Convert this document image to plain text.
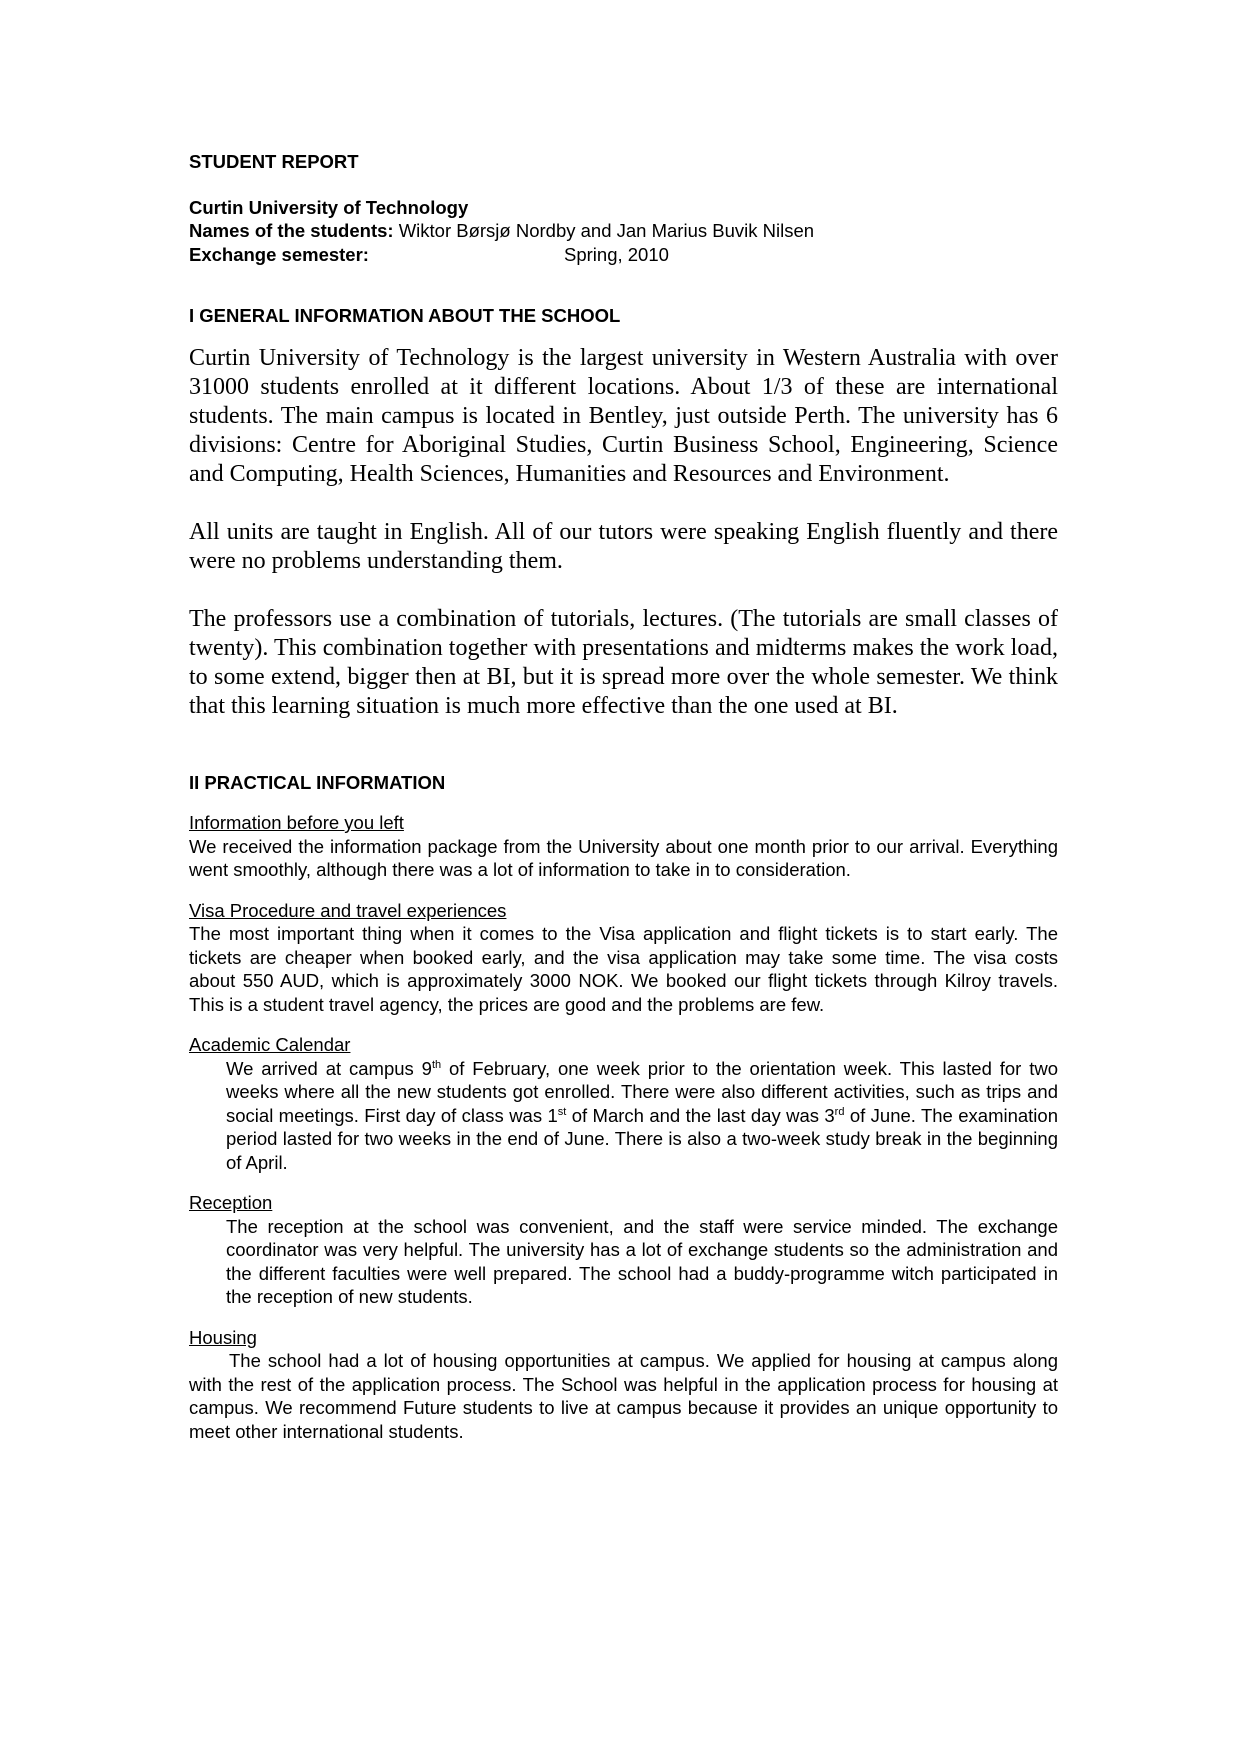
STUDENT REPORT
Curtin University of Technology
Names of the students: Wiktor Børsjø Nordby and Jan Marius Buvik Nilsen
Exchange semester:	Spring, 2010
I GENERAL INFORMATION ABOUT THE SCHOOL

Curtin University of Technology is the largest university in Western Australia with over 31000 students enrolled at it different locations. About 1/3 of these are international students. The main campus is located in Bentley, just outside Perth. The university has 6 divisions: Centre for Aboriginal Studies, Curtin Business School, Engineering, Science and Computing, Health Sciences, Humanities and Resources and Environment.

All units are taught in English. All of our tutors were speaking English fluently and there were no problems understanding them.

The professors use a combination of tutorials, lectures. (The tutorials are small classes of twenty). This combination together with presentations and midterms makes the work load, to some extend, bigger then at BI, but it is spread more over the whole semester. We think that this learning situation is much more effective than the one used at BI.

II PRACTICAL INFORMATION
Information before you left

We received the information package from the University about one month prior to our arrival. Everything went smoothly, although there was a lot of information to take in to consideration.

Visa Procedure and travel experiences

The most important thing when it comes to the Visa application and flight tickets is to start early. The tickets are cheaper when booked early, and the visa application may take some time. The visa costs about 550 AUD, which is approximately 3000 NOK. We booked our flight tickets through Kilroy travels. This is a student travel agency, the prices are good and the problems are few.

Academic Calendar

We arrived at campus 9th of February, one week prior to the orientation week. This lasted for two weeks where all the new students got enrolled. There were also different activities, such as trips and social meetings. First day of class was 1st of March and the last day was 3rd of June. The examination period lasted for two weeks in the end of June. There is also a two-week study break in the beginning of April.

Reception

The reception at the school was convenient, and the staff were service minded. The exchange coordinator was very helpful. The university has a lot of exchange students so the administration and the different faculties were well prepared. The school had a buddy-programme witch participated in the reception of new students.

Housing

The school had a lot of housing opportunities at campus. We applied for housing at campus along with the rest of the application process. The School was helpful in the application process for housing at campus. We recommend Future students to live at campus because it provides an unique opportunity to meet other international students.
